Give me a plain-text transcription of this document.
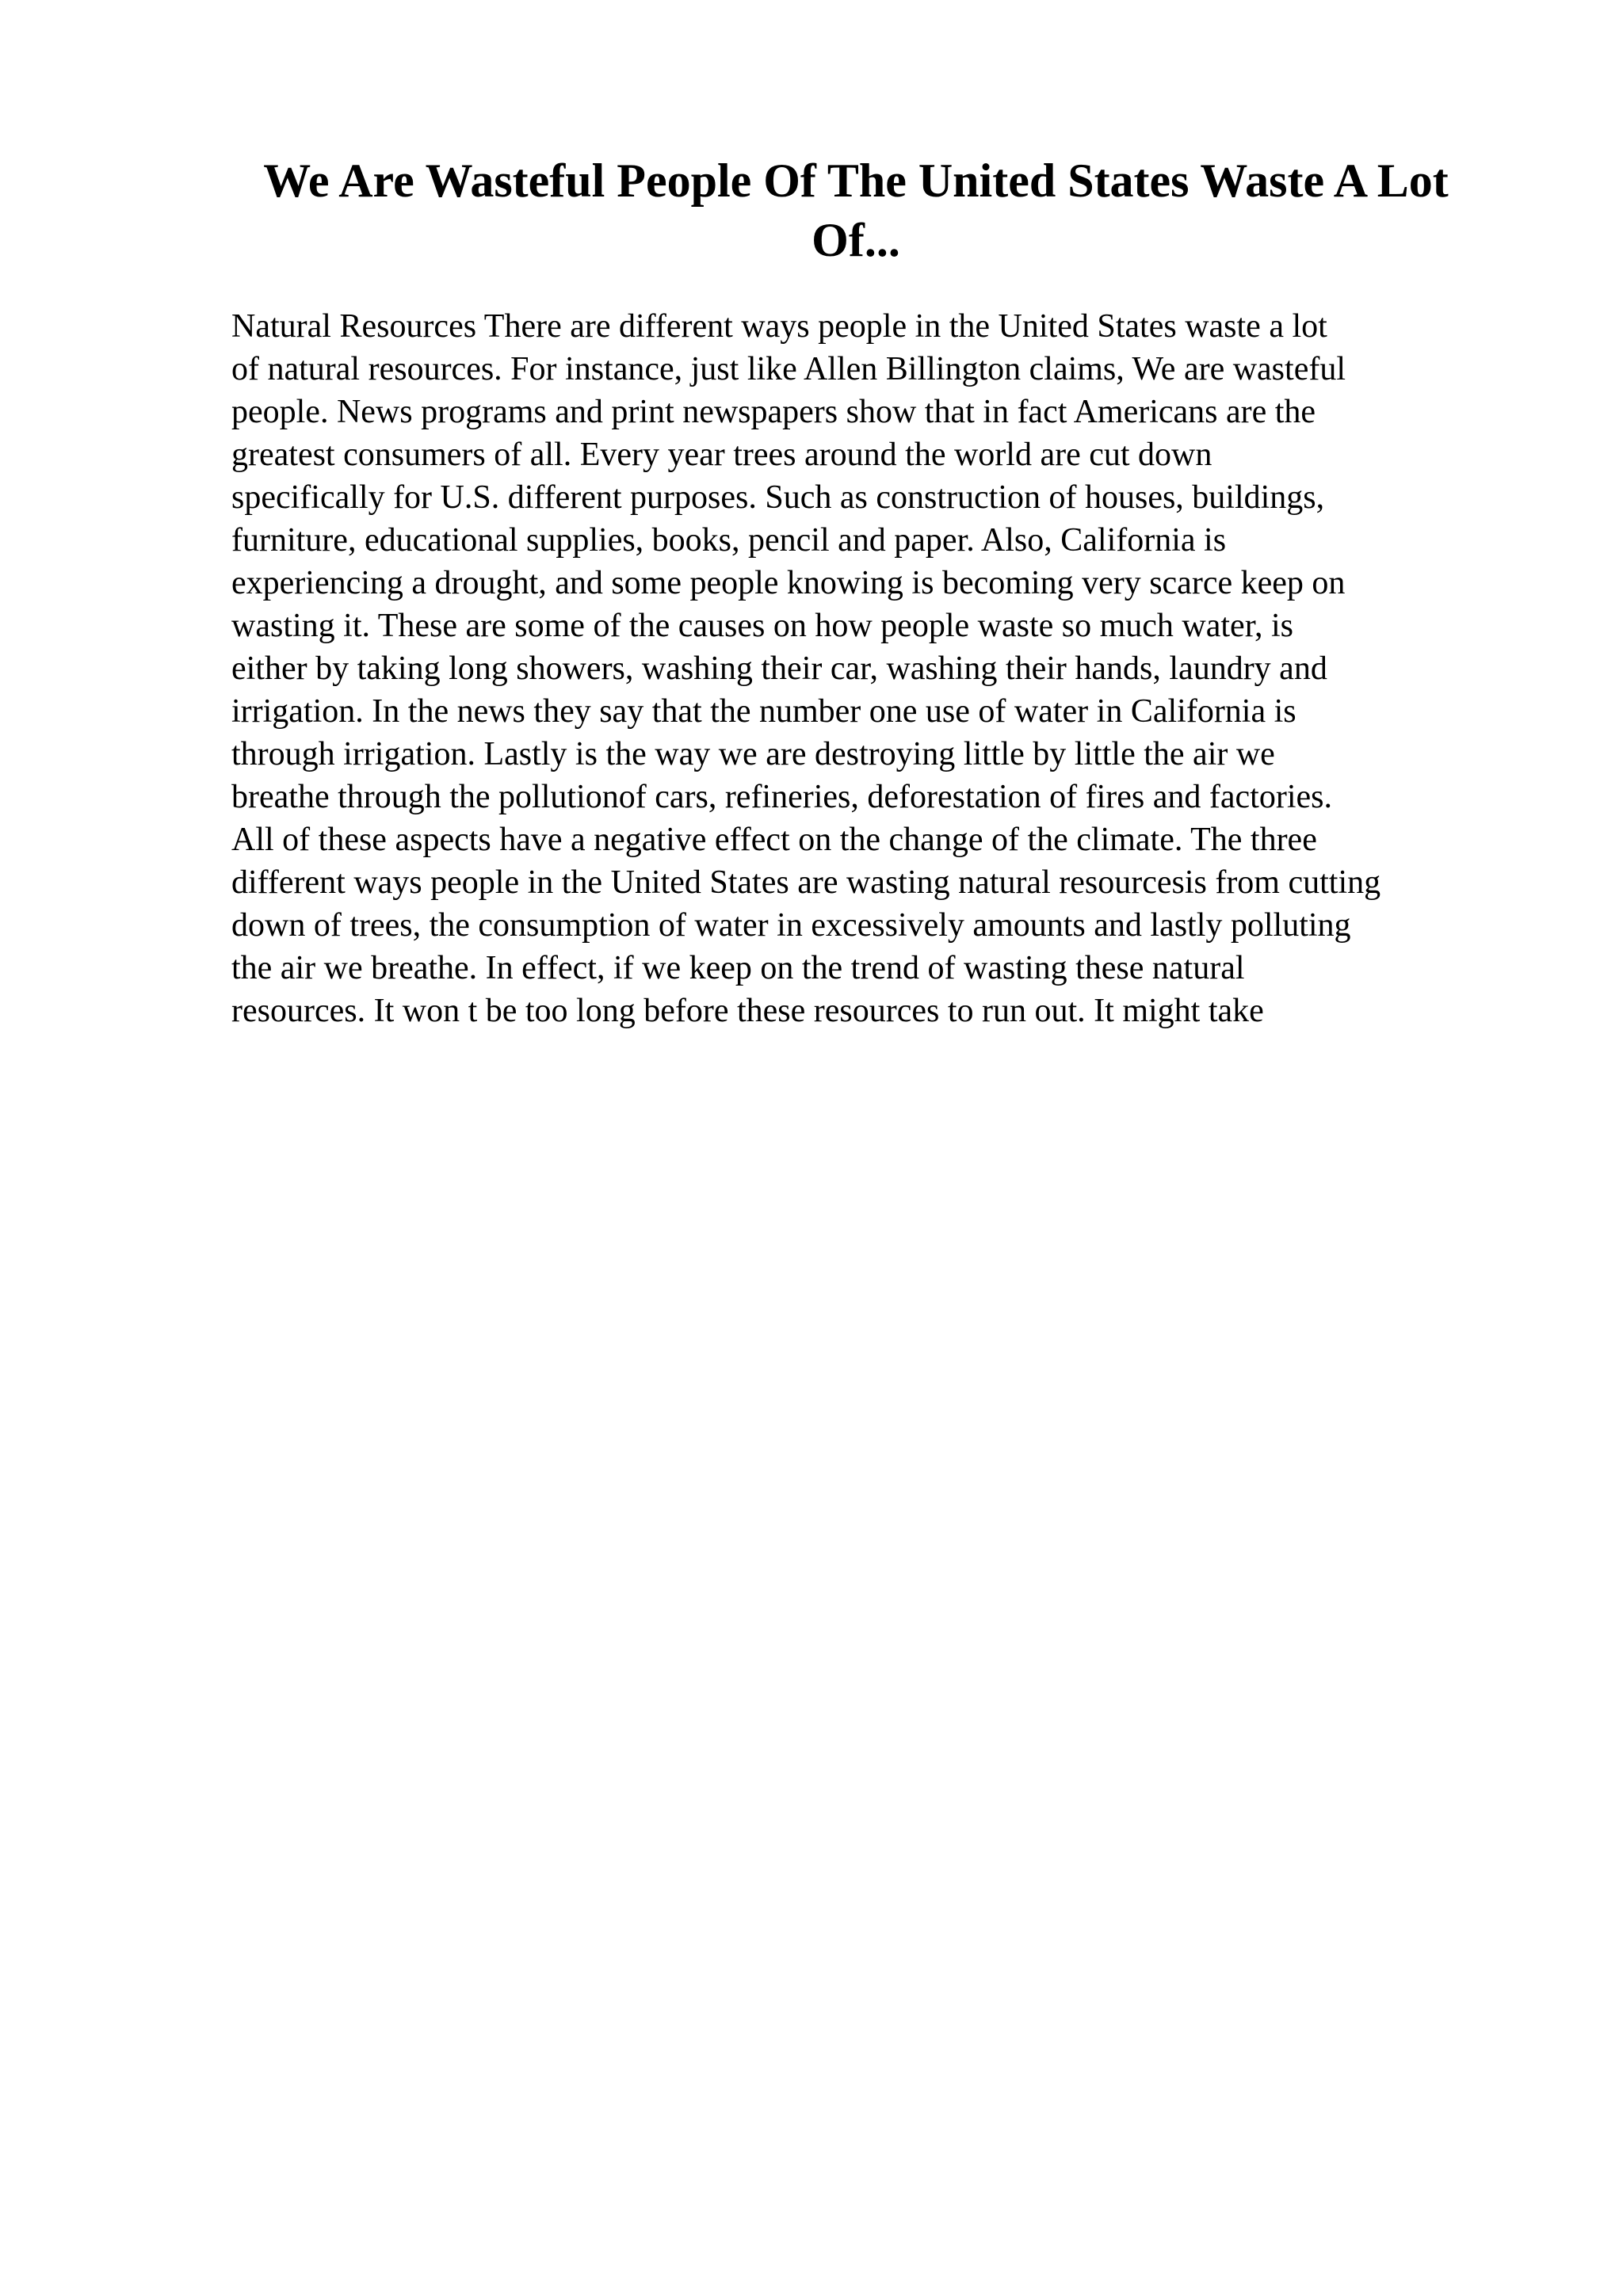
We Are Wasteful People Of The United States Waste A Lot
Of...
Natural Resources There are different ways people in the United States waste a lot
of natural resources. For instance, just like Allen Billington claims, We are wasteful
people. News programs and print newspapers show that in fact Americans are the
greatest consumers of all. Every year trees around the world are cut down
specifically for U.S. different purposes. Such as construction of houses, buildings,
furniture, educational supplies, books, pencil and paper. Also, California is
experiencing a drought, and some people knowing is becoming very scarce keep on
wasting it. These are some of the causes on how people waste so much water, is
either by taking long showers, washing their car, washing their hands, laundry and
irrigation. In the news they say that the number one use of water in California is
through irrigation. Lastly is the way we are destroying little by little the air we
breathe through the pollutionof cars, refineries, deforestation of fires and factories.
All of these aspects have a negative effect on the change of the climate. The three
different ways people in the United States are wasting natural resourcesis from cutting
down of trees, the consumption of water in excessively amounts and lastly polluting
the air we breathe. In effect, if we keep on the trend of wasting these natural
resources. It won t be too long before these resources to run out. It might take
